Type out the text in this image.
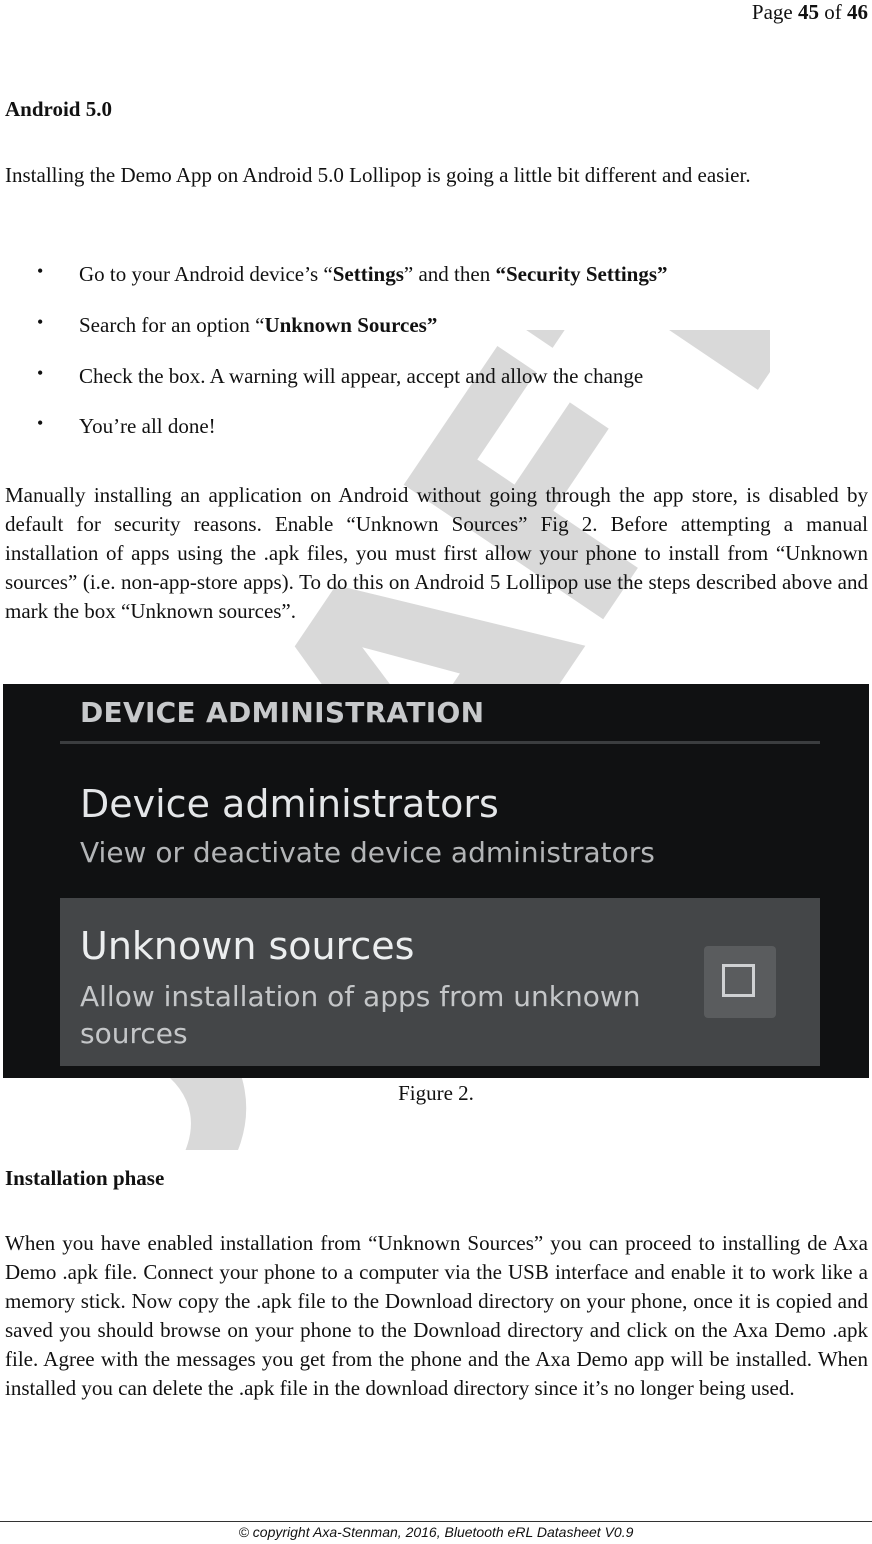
Page 45 of 46
Android 5.0
Installing the Demo App on Android 5.0 Lollipop is going a little bit different and easier.
• Go to your Android device’s “Settings” and then “Security Settings”
• Search for an option “Unknown Sources”
• Check the box. A warning will appear, accept and allow the change
• You’re all done!
Manually installing an application on Android without going through the app store, is disabled by default for security reasons. Enable “Unknown Sources” Fig 2. Before attempting a manual installation of apps using the .apk files, you must first allow your phone to install from “Unknown sources” (i.e. non-app-store apps). To do this on Android 5 Lollipop use the steps described above and mark the box “Unknown sources”.
DEVICE ADMINISTRATION
Device administrators
View or deactivate device administrators
Unknown sources
Allow installation of apps from unknown sources
Figure 2.
Installation phase
When you have enabled installation from “Unknown Sources” you can proceed to installing de Axa Demo .apk file. Connect your phone to a computer via the USB interface and enable it to work like a memory stick. Now copy the .apk file to the Download directory on your phone, once it is copied and saved you should browse on your phone to the Download directory and click on the Axa Demo .apk file. Agree with the messages you get from the phone and the Axa Demo app will be installed. When installed you can delete the .apk file in the download directory since it’s no longer being used.
© copyright Axa-Stenman, 2016, Bluetooth eRL Datasheet V0.9
